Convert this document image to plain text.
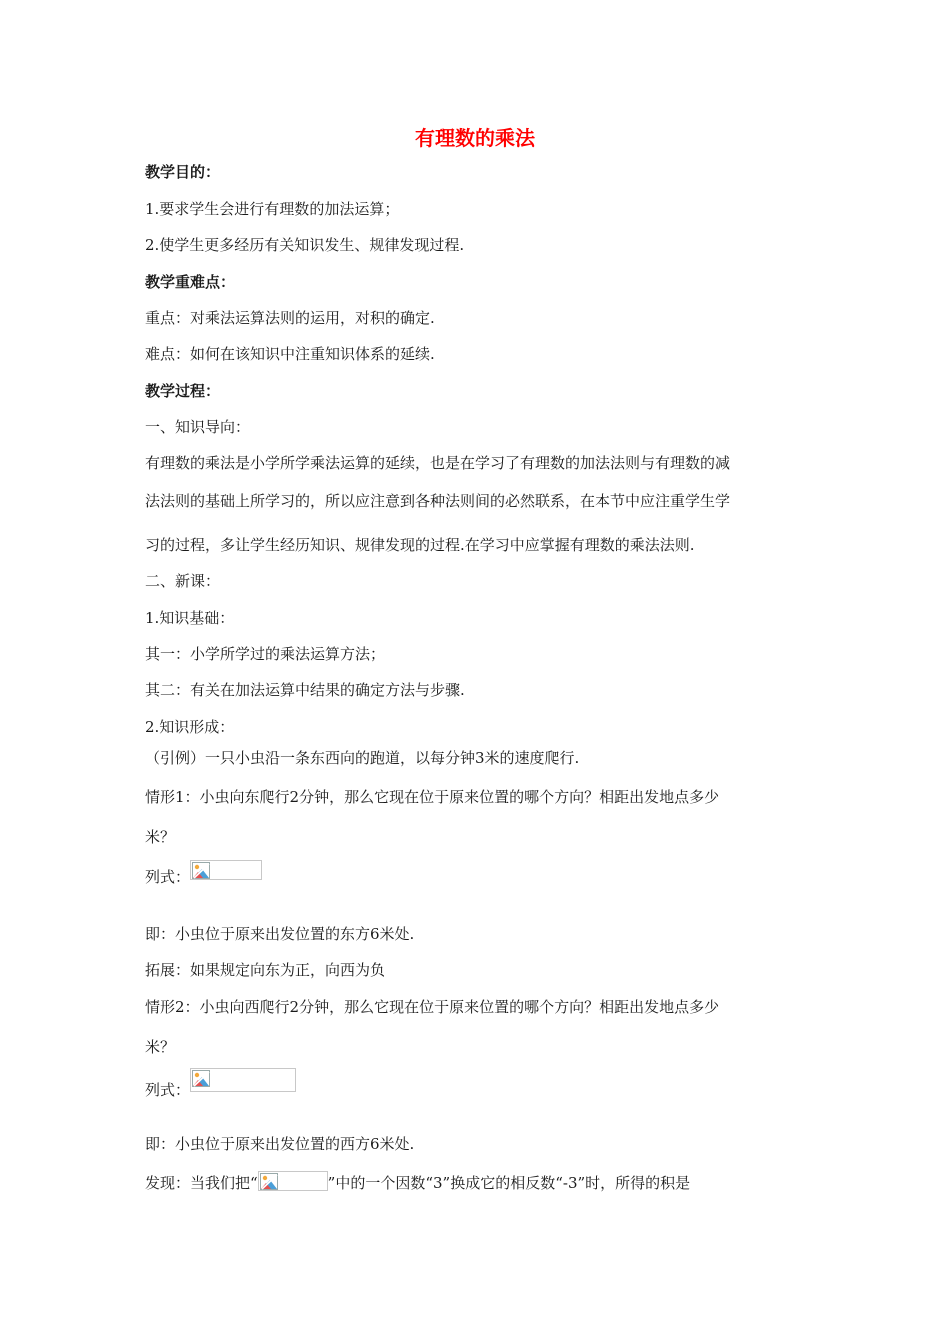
有理数的乘法
教学目的：
1.要求学生会进行有理数的加法运算；
2.使学生更多经历有关知识发生、规律发现过程.
教学重难点：
重点：对乘法运算法则的运用，对积的确定.
难点：如何在该知识中注重知识体系的延续.
教学过程：
一、知识导向：
有理数的乘法是小学所学乘法运算的延续，也是在学习了有理数的加法法则与有理数的减
法法则的基础上所学习的，所以应注意到各种法则间的必然联系，在本节中应注重学生学
习的过程，多让学生经历知识、规律发现的过程.在学习中应掌握有理数的乘法法则.
二、新课：
1.知识基础：
其一：小学所学过的乘法运算方法；
其二：有关在加法运算中结果的确定方法与步骤.
2.知识形成：
（引例）一只小虫沿一条东西向的跑道，以每分钟3米的速度爬行.
情形1：小虫向东爬行2分钟，那么它现在位于原来位置的哪个方向？相距出发地点多少
米？
列式：
即：小虫位于原来出发位置的东方6米处.
拓展：如果规定向东为正，向西为负
情形2：小虫向西爬行2分钟，那么它现在位于原来位置的哪个方向？相距出发地点多少
米？
列式：
即：小虫位于原来出发位置的西方6米处.
发现：当我们把“	”中的一个因数“3”换成它的相反数“-3”时，所得的积是
